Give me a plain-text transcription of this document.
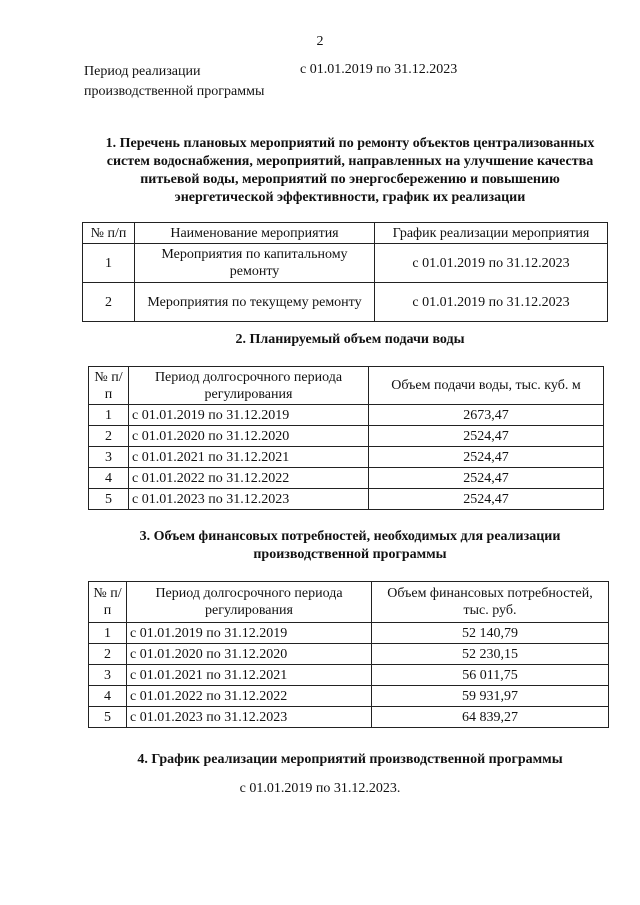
2
Период реализации
производственной программы
с 01.01.2019 по 31.12.2023
1. Перечень плановых мероприятий по ремонту объектов централизованных систем водоснабжения, мероприятий, направленных на улучшение качества питьевой воды, мероприятий по энергосбережению и повышению энергетической эффективности, график их реализации
№ п/п	Наименование мероприятия	График реализации мероприятия
1	Мероприятия по капитальному ремонту	с 01.01.2019 по 31.12.2023
2	Мероприятия по текущему ремонту	с 01.01.2019 по 31.12.2023
2. Планируемый объем подачи воды
№ п/п	Период долгосрочного периода регулирования	Объем подачи воды, тыс. куб. м
1	с 01.01.2019 по 31.12.2019	2673,47
2	с 01.01.2020 по 31.12.2020	2524,47
3	с 01.01.2021 по 31.12.2021	2524,47
4	с 01.01.2022 по 31.12.2022	2524,47
5	с 01.01.2023 по 31.12.2023	2524,47
3. Объем финансовых потребностей, необходимых для реализации производственной программы
№ п/п	Период долгосрочного периода регулирования	Объем финансовых потребностей, тыс. руб.
1	с 01.01.2019 по 31.12.2019	52 140,79
2	с 01.01.2020 по 31.12.2020	52 230,15
3	с 01.01.2021 по 31.12.2021	56 011,75
4	с 01.01.2022 по 31.12.2022	59 931,97
5	с 01.01.2023 по 31.12.2023	64 839,27
4. График реализации мероприятий производственной программы
с 01.01.2019 по 31.12.2023.
